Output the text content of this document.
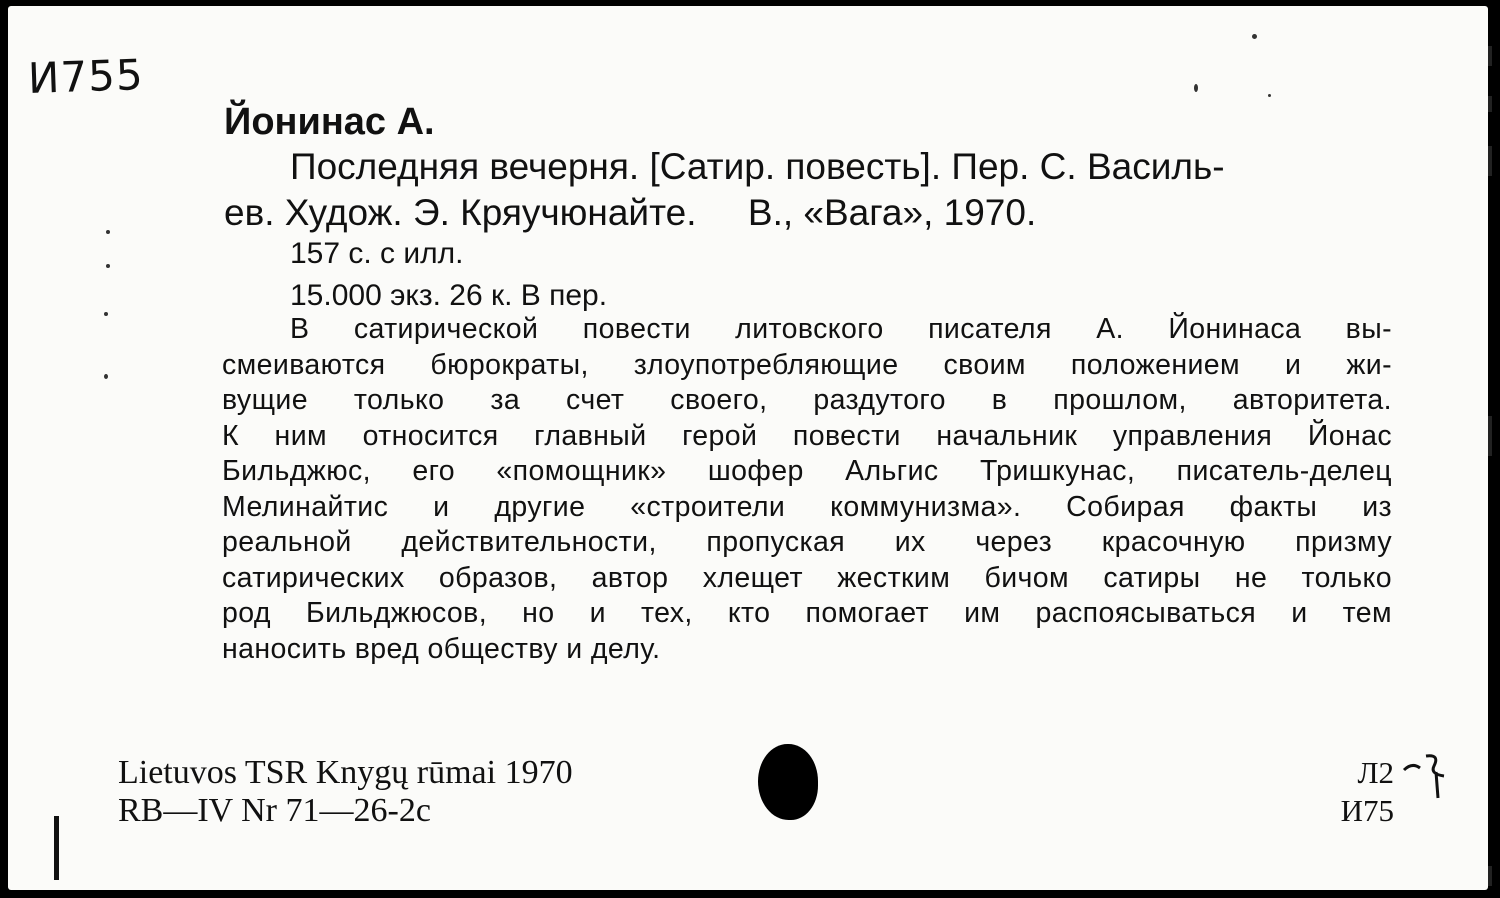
И755
Йонинас А.
Последняя вечерня. [Сатир. повесть]. Пер. С. Василь-
ев. Худож. Э. Кряучюнайте.     В., «Вага», 1970.
157 с. с илл.
15.000 экз. 26 к. В пер.
В сатирической повести литовского писателя А. Йонинаса вы-
смеиваются бюрократы, злоупотребляющие своим положением и жи-
вущие только за счет своего, раздутого в прошлом, авторитета.
К ним относится главный герой повести начальник управления Йонас
Бильджюс, его «помощник» шофер Альгис Тришкунас, писатель-делец
Мелинайтис и другие «строители коммунизма». Собирая факты из
реальной действительности, пропуская их через красочную призму
сатирических образов, автор хлещет жестким бичом сатиры не только
род Бильджюсов, но и тех, кто помогает им распоясываться и тем
наносить вред обществу и делу.
Lietuvos TSR Knygų rūmai 1970
RB—IV Nr 71—26-2c
Л2
И75
